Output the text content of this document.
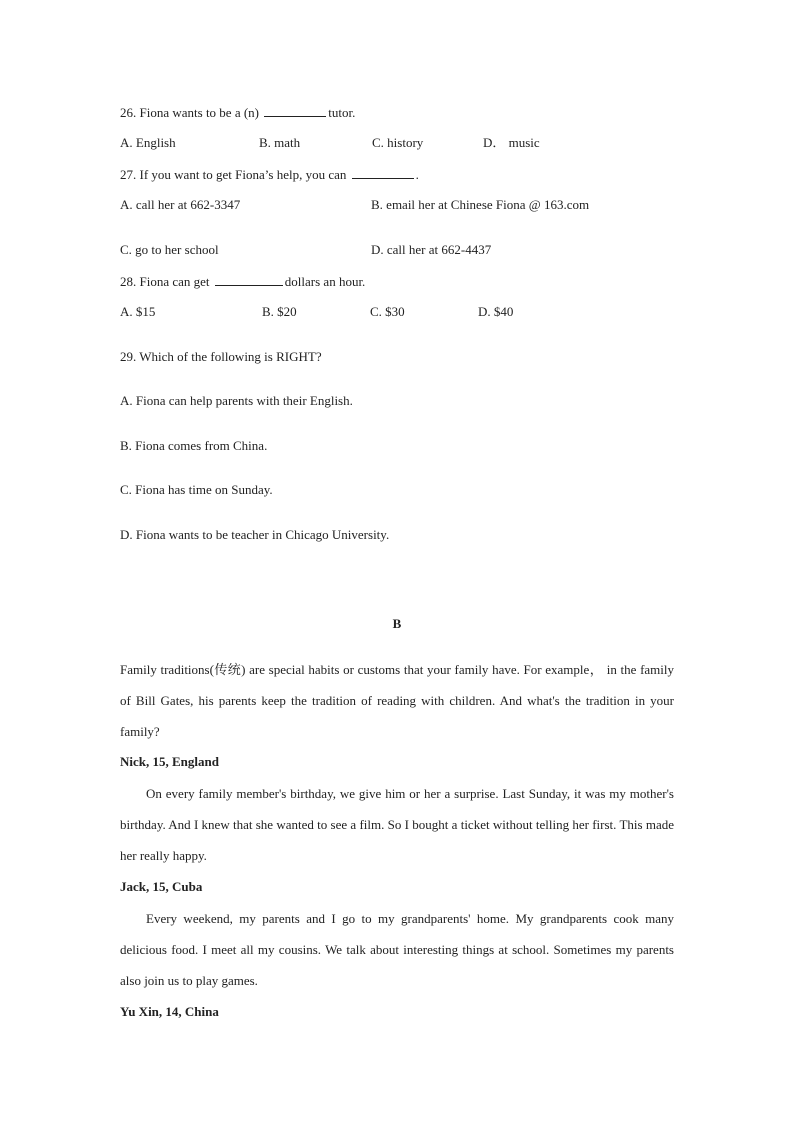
26. Fiona wants to be a (n)	tutor.
A. English	B. math	C. history	D． music
27. If you want to get Fiona’s help, you can	.
A. call her at 662-3347	B. email her at Chinese Fiona @ 163.com
C. go to her school	D. call her at 662-4437
28. Fiona can get	dollars an hour.
A. $15	B. $20	C. $30	D. $40
29. Which of the following is RIGHT?
A. Fiona can help parents with their English.
B. Fiona comes from China.
C. Fiona has time on Sunday.
D. Fiona wants to be teacher in Chicago University.
B
Family traditions(传统) are special habits or customs that your family have. For example， in the family of Bill Gates, his parents keep the tradition of reading with children. And what's the tradition in your family?
Nick, 15, England
On every family member's birthday, we give him or her a surprise. Last Sunday, it was my mother's birthday. And I knew that she wanted to see a film. So I bought a ticket without telling her first. This made her really happy.
Jack, 15, Cuba
Every weekend, my parents and I go to my grandparents' home. My grandparents cook many delicious food. I meet all my cousins. We talk about interesting things at school. Sometimes my parents also join us to play games.
Yu Xin, 14, China
